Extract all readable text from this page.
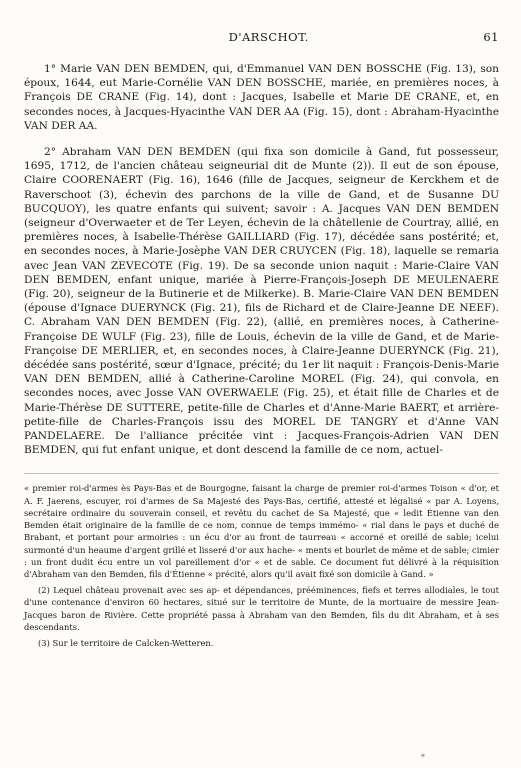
D'ARSCHOT.	61

1° Marie VAN DEN BEMDEN, qui, d'Emmanuel VAN DEN BOSSCHE (Fig. 13), son époux, 1644, eut Marie-Cornélie VAN DEN BOSSCHE, mariée, en premières noces, à François DE CRANE (Fig. 14), dont : Jacques, Isabelle et Marie DE CRANE, et, en secondes noces, à Jacques-Hyacinthe VAN DER AA (Fig. 15), dont : Abraham-Hyacinthe VAN DER AA.

2° Abraham VAN DEN BEMDEN (qui fixa son domicile à Gand, fut possesseur, 1695, 1712, de l'ancien château seigneurial dit de Munte (2)). Il eut de son épouse, Claire COORENAERT (Fig. 16), 1646 (fille de Jacques, seigneur de Kerckhem et de Raverschoot (3), échevin des parchons de la ville de Gand, et de Susanne DU BUCQUOY), les quatre enfants qui suivent; savoir : A. Jacques VAN DEN BEMDEN (seigneur d'Overwaeter et de Ter Leyen, échevin de la châtellenie de Courtray, allié, en premières noces, à Isabelle-Thérèse GAILLIARD (Fig. 17), décédée sans postérité; et, en secondes noces, à Marie-Josèphe VAN DER CRUYCEN (Fig. 18), laquelle se remaria avec Jean VAN ZEVECOTE (Fig. 19). De sa seconde union naquit : Marie-Claire VAN DEN BEMDEN, enfant unique, mariée à Pierre-François-Joseph DE MEULENAERE (Fig. 20), seigneur de la Butinerie et de Milkerke). B. Marie-Claire VAN DEN BEMDEN (épouse d'Ignace DUERYNCK (Fig. 21), fils de Richard et de Claire-Jeanne DE NEEF). C. Abraham VAN DEN BEMDEN (Fig. 22), (allié, en premières noces, à Catherine-Françoise DE WULF (Fig. 23), fille de Louis, échevin de la ville de Gand, et de Marie-Françoise DE MERLIER, et, en secondes noces, à Claire-Jeanne DUERYNCK (Fig. 21), décédée sans postérité, sœur d'Ignace, précité; du 1er lit naquit : François-Denis-Marie VAN DEN BEMDEN, allié à Catherine-Caroline MOREL (Fig. 24), qui convola, en secondes noces, avec Josse VAN OVERWAELE (Fig. 25), et était fille de Charles et de Marie-Thérèse DE SUTTERE, petite-fille de Charles et d'Anne-Marie BAERT, et arrière-petite-fille de Charles-François issu des MOREL DE TANGRY et d'Anne VAN PANDELAERE. De l'alliance précitée vint : Jacques-François-Adrien VAN DEN BEMDEN, qui fut enfant unique, et dont descend la famille de ce nom, actuel-

« premier roi-d'armes ès Pays-Bas et de Bourgogne, faisant la charge de premier roi-d'armes Toison « d'or, et A. F. Jaerens, escuyer, roi d'armes de Sa Majesté des Pays-Bas, certifié, attesté et légalisé « par A. Loyens, secrétaire ordinaire du souverain conseil, et revêtu du cachet de Sa Majesté, que « ledit Étienne van den Bemden était originaire de la famille de ce nom, connue de temps immémo- « rial dans le pays et duché de Brabant, et portant pour armoiries : un écu d'or au front de taurreau « accorné et oreillé de sable; icelui surmonté d'un heaume d'argent grillé et lisseré d'or aux hache- « ments et bourlet de même et de sable; cimier : un front dudit écu entre un vol pareillement d'or « et de sable. Ce document fut délivré à la réquisition d'Abraham van den Bemden, fils d'Étienne « précité, alors qu'il avait fixé son domicile à Gand. »

(2) Lequel château provenait avec ses ap- et dépendances, prééminences, fiefs et terres allodiales, le tout d'une contenance d'environ 60 hectares, situé sur le territoire de Munte, de la mortuaire de messire Jean-Jacques baron de Rivière. Cette propriété passa à Abraham van den Bemden, fils du dit Abraham, et à ses descendants.

(3) Sur le territoire de Calcken-Wetteren.

*
